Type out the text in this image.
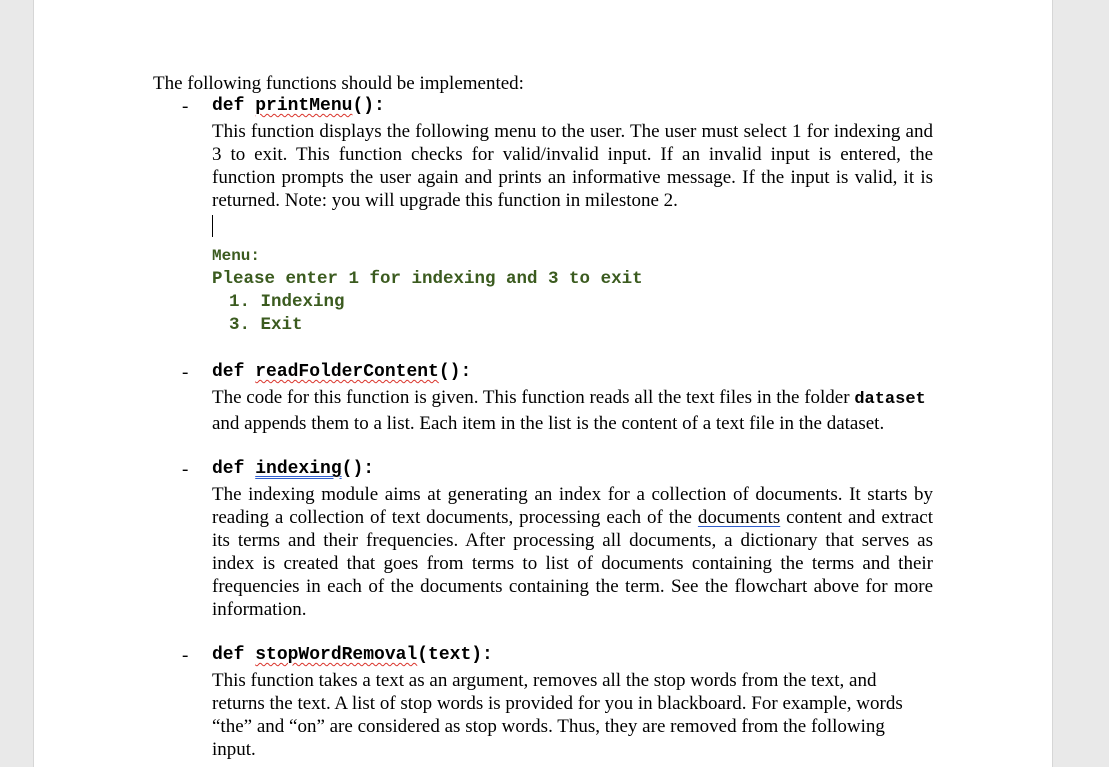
The following functions should be implemented:

- def printMenu():

This function displays the following menu to the user. The user must select 1 for indexing and 3 to exit. This function checks for valid/invalid input. If an invalid input is entered, the function prompts the user again and prints an informative message. If the input is valid, it is returned. Note: you will upgrade this function in milestone 2.

Menu:
Please enter 1 for indexing and 3 to exit
1. Indexing
3. Exit
- def readFolderContent():

The code for this function is given. This function reads all the text files in the folder dataset and appends them to a list. Each item in the list is the content of a text file in the dataset.

- def indexing():

The indexing module aims at generating an index for a collection of documents. It starts by reading a collection of text documents, processing each of the documents content and extract its terms and their frequencies. After processing all documents, a dictionary that serves as index is created that goes from terms to list of documents containing the terms and their frequencies in each of the documents containing the term. See the flowchart above for more information.

- def stopWordRemoval(text):

This function takes a text as an argument, removes all the stop words from the text, and returns the text. A list of stop words is provided for you in blackboard. For example, words “the” and “on” are considered as stop words. Thus, they are removed from the following input.
